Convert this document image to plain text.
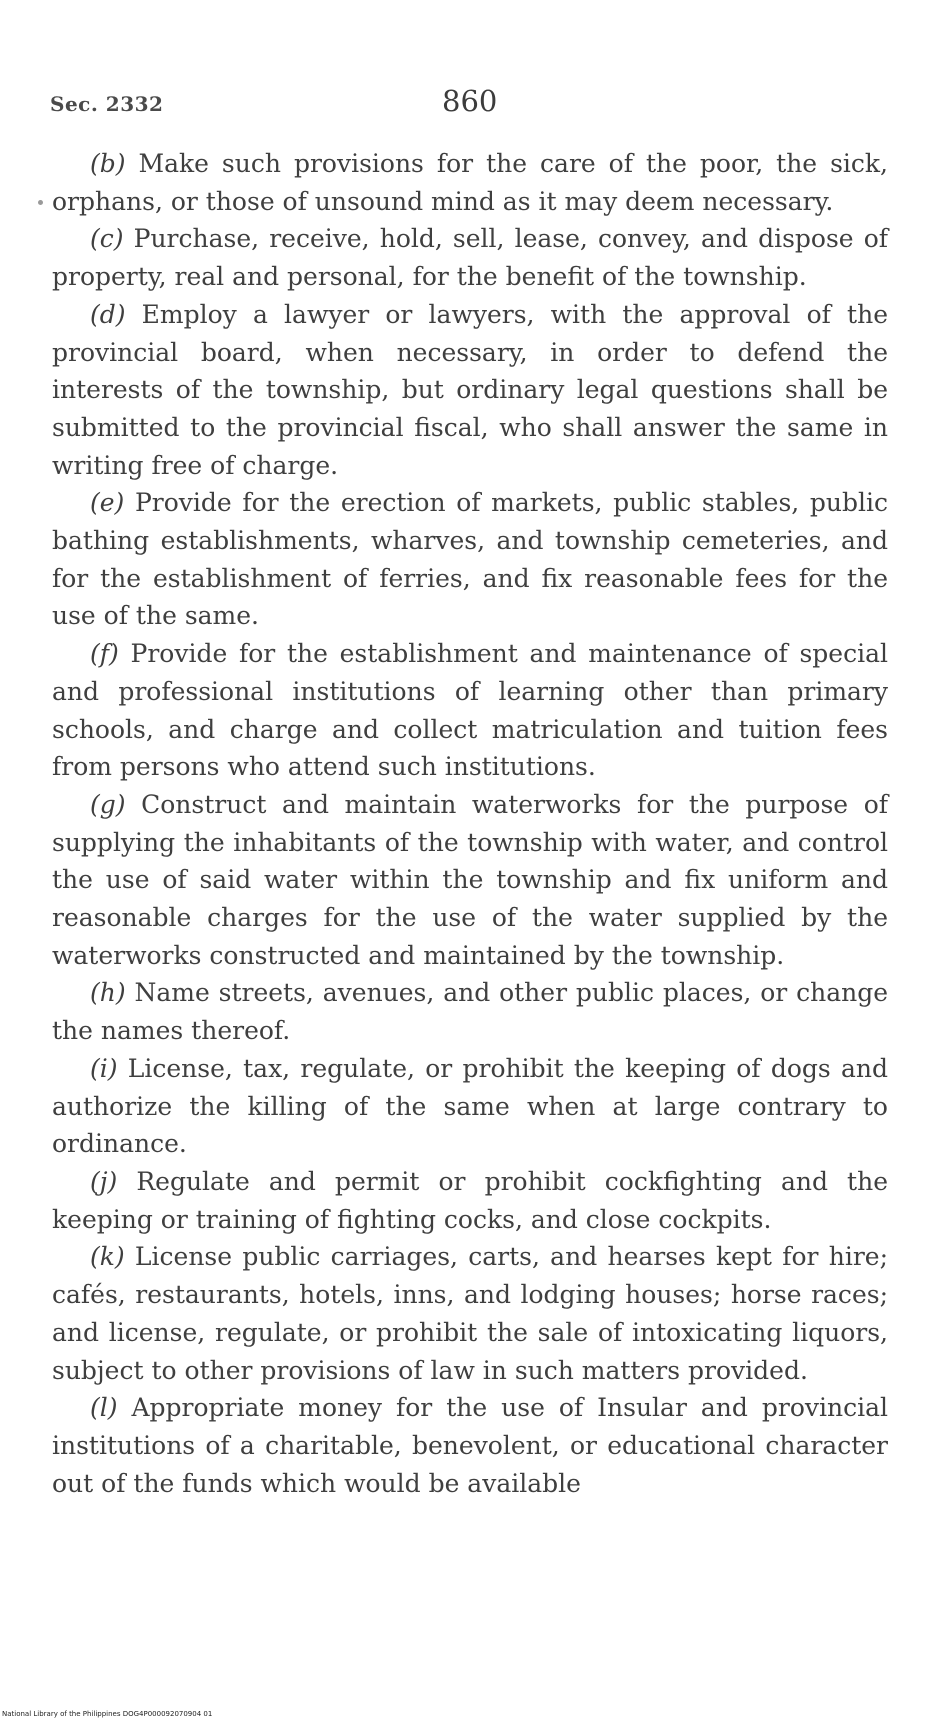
Sec. 2332	860

(b) Make such provisions for the care of the poor, the sick, orphans, or those of unsound mind as it may deem necessary.

(c) Purchase, receive, hold, sell, lease, convey, and dispose of property, real and personal, for the benefit of the township.

(d) Employ a lawyer or lawyers, with the approval of the provincial board, when necessary, in order to defend the interests of the township, but ordinary legal questions shall be submitted to the provincial fiscal, who shall answer the same in writing free of charge.

(e) Provide for the erection of markets, public stables, public bathing establishments, wharves, and township cemeteries, and for the establishment of ferries, and fix reasonable fees for the use of the same.

(f) Provide for the establishment and maintenance of special and professional institutions of learning other than primary schools, and charge and collect matriculation and tuition fees from persons who attend such institutions.

(g) Construct and maintain waterworks for the purpose of supplying the inhabitants of the township with water, and control the use of said water within the township and fix uniform and reasonable charges for the use of the water supplied by the waterworks constructed and maintained by the township.

(h) Name streets, avenues, and other public places, or change the names thereof.

(i) License, tax, regulate, or prohibit the keeping of dogs and authorize the killing of the same when at large contrary to ordinance.

(j) Regulate and permit or prohibit cockfighting and the keeping or training of fighting cocks, and close cockpits.

(k) License public carriages, carts, and hearses kept for hire; cafés, restaurants, hotels, inns, and lodging houses; horse races; and license, regulate, or prohibit the sale of intoxicating liquors, subject to other provisions of law in such matters provided.

(l) Appropriate money for the use of Insular and provincial institutions of a charitable, benevolent, or educational character out of the funds which would be available

National Library of the Philippines DOG4P000092070904 01
